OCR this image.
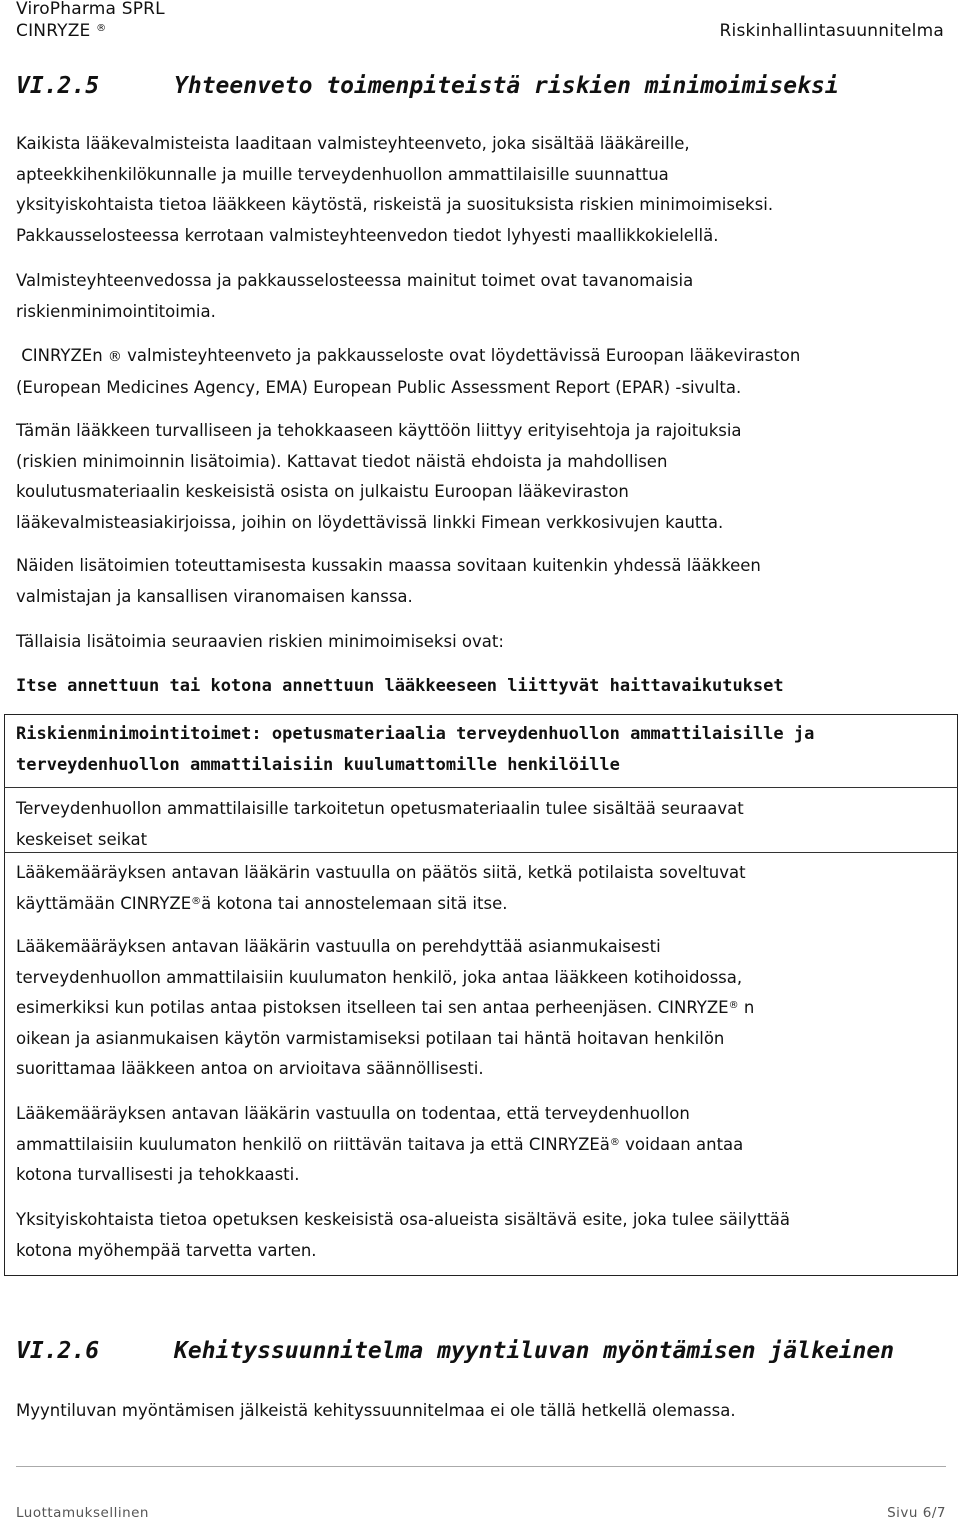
ViroPharma SPRL
CINRYZE ®	Riskinhallintasuunnitelma
VI.2.5	Yhteenveto toimenpiteistä riskien minimoimiseksi
Kaikista lääkevalmisteista laaditaan valmisteyhteenveto, joka sisältää lääkäreille,
apteekkihenkilökunnalle ja muille terveydenhuollon ammattilaisille suunnattua
yksityiskohtaista tietoa lääkkeen käytöstä, riskeistä ja suosituksista riskien minimoimiseksi.
Pakkausselosteessa kerrotaan valmisteyhteenvedon tiedot lyhyesti maallikkokielellä.
Valmisteyhteenvedossa ja pakkausselosteessa mainitut toimet ovat tavanomaisia
riskienminimointitoimia.
CINRYZEn ® valmisteyhteenveto ja pakkausseloste ovat löydettävissä Euroopan lääkeviraston
(European Medicines Agency, EMA) European Public Assessment Report (EPAR) -sivulta.
Tämän lääkkeen turvalliseen ja tehokkaaseen käyttöön liittyy erityisehtoja ja rajoituksia
(riskien minimoinnin lisätoimia). Kattavat tiedot näistä ehdoista ja mahdollisen
koulutusmateriaalin keskeisistä osista on julkaistu Euroopan lääkeviraston
lääkevalmisteasiakirjoissa, joihin on löydettävissä linkki Fimean verkkosivujen kautta.
Näiden lisätoimien toteuttamisesta kussakin maassa sovitaan kuitenkin yhdessä lääkkeen
valmistajan ja kansallisen viranomaisen kanssa.
Tällaisia lisätoimia seuraavien riskien minimoimiseksi ovat:
Itse annettuun tai kotona annettuun lääkkeeseen liittyvät haittavaikutukset
Riskienminimointitoimet: opetusmateriaalia terveydenhuollon ammattilaisille ja
terveydenhuollon ammattilaisiin kuulumattomille henkilöille
Terveydenhuollon ammattilaisille tarkoitetun opetusmateriaalin tulee sisältää seuraavat
keskeiset seikat
Lääkemääräyksen antavan lääkärin vastuulla on päätös siitä, ketkä potilaista soveltuvat
käyttämään CINRYZE®ä kotona tai annostelemaan sitä itse.
Lääkemääräyksen antavan lääkärin vastuulla on perehdyttää asianmukaisesti
terveydenhuollon ammattilaisiin kuulumaton henkilö, joka antaa lääkkeen kotihoidossa,
esimerkiksi kun potilas antaa pistoksen itselleen tai sen antaa perheenjäsen. CINRYZE® n
oikean ja asianmukaisen käytön varmistamiseksi potilaan tai häntä hoitavan henkilön
suorittamaa lääkkeen antoa on arvioitava säännöllisesti.
Lääkemääräyksen antavan lääkärin vastuulla on todentaa, että terveydenhuollon
ammattilaisiin kuulumaton henkilö on riittävän taitava ja että CINRYZEä® voidaan antaa
kotona turvallisesti ja tehokkaasti.
Yksityiskohtaista tietoa opetuksen keskeisistä osa-alueista sisältävä esite, joka tulee säilyttää
kotona myöhempää tarvetta varten.
VI.2.6	Kehityssuunnitelma myyntiluvan myöntämisen jälkeinen
Myyntiluvan myöntämisen jälkeistä kehityssuunnitelmaa ei ole tällä hetkellä olemassa.
Luottamuksellinen	Sivu 6/7
